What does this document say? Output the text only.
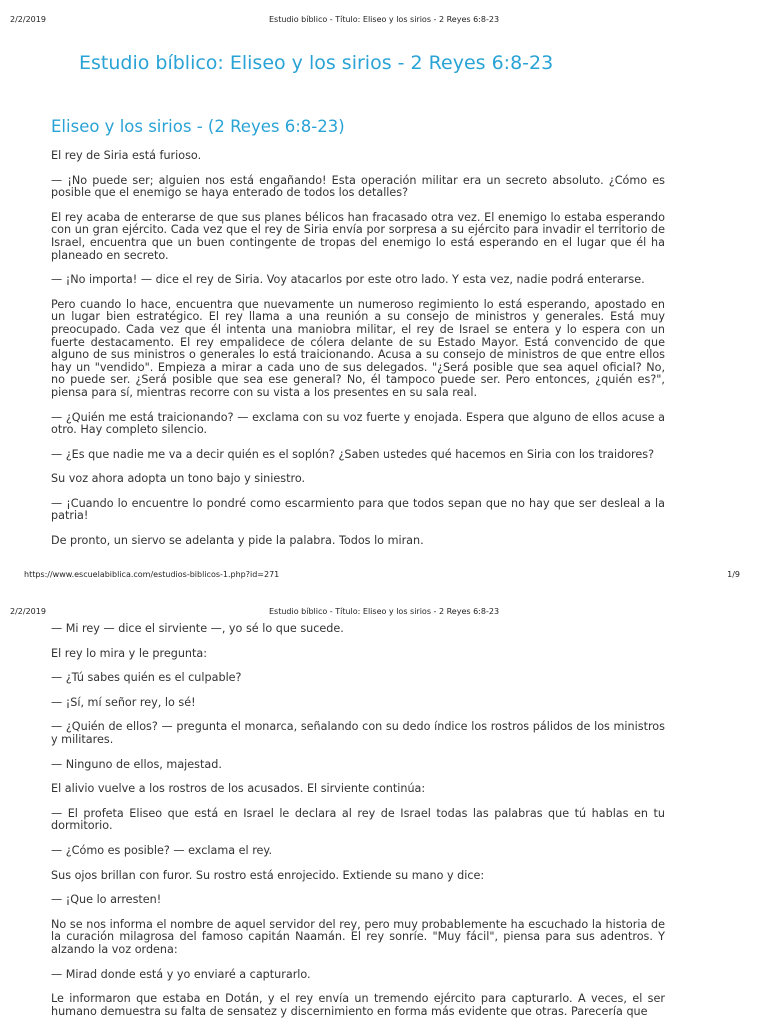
2/2/2019	Estudio bíblico - Título: Eliseo y los sirios - 2 Reyes 6:8-23
Estudio bíblico: Eliseo y los sirios - 2 Reyes 6:8-23
Eliseo y los sirios - (2 Reyes 6:8-23)

El rey de Siria está furioso.

— ¡No puede ser; alguien nos está engañando! Esta operación militar era un secreto absoluto. ¿Cómo es posible que el enemigo se haya enterado de todos los detalles?

El rey acaba de enterarse de que sus planes bélicos han fracasado otra vez. El enemigo lo estaba esperando con un gran ejército. Cada vez que el rey de Siria envía por sorpresa a su ejército para invadir el territorio de Israel, encuentra que un buen contingente de tropas del enemigo lo está esperando en el lugar que él ha planeado en secreto.

— ¡No importa! — dice el rey de Siria. Voy atacarlos por este otro lado. Y esta vez, nadie podrá enterarse.

Pero cuando lo hace, encuentra que nuevamente un numeroso regimiento lo está esperando, apostado en un lugar bien estratégico. El rey llama a una reunión a su consejo de ministros y generales. Está muy preocupado. Cada vez que él intenta una maniobra militar, el rey de Israel se entera y lo espera con un fuerte destacamento. El rey empalidece de cólera delante de su Estado Mayor. Está convencido de que alguno de sus ministros o generales lo está traicionando. Acusa a su consejo de ministros de que entre ellos hay un "vendido". Empieza a mirar a cada uno de sus delegados. "¿Será posible que sea aquel oficial? No, no puede ser. ¿Será posible que sea ese general? No, él tampoco puede ser. Pero entonces, ¿quién es?", piensa para sí, mientras recorre con su vista a los presentes en su sala real.

— ¿Quién me está traicionando? — exclama con su voz fuerte y enojada. Espera que alguno de ellos acuse a otro. Hay completo silencio.

— ¿Es que nadie me va a decir quién es el soplón? ¿Saben ustedes qué hacemos en Siria con los traidores?

Su voz ahora adopta un tono bajo y siniestro.

— ¡Cuando lo encuentre lo pondré como escarmiento para que todos sepan que no hay que ser desleal a la patria!

De pronto, un siervo se adelanta y pide la palabra. Todos lo miran.

https://www.escuelabiblica.com/estudios-biblicos-1.php?id=271	1/9
2/2/2019	Estudio bíblico - Título: Eliseo y los sirios - 2 Reyes 6:8-23

— Mi rey — dice el sirviente —, yo sé lo que sucede.

El rey lo mira y le pregunta:

— ¿Tú sabes quién es el culpable?

— ¡Sí, mí señor rey, lo sé!

— ¿Quién de ellos? — pregunta el monarca, señalando con su dedo índice los rostros pálidos de los ministros y militares.

— Ninguno de ellos, majestad.

El alivio vuelve a los rostros de los acusados. El sirviente continúa:

— El profeta Eliseo que está en Israel le declara al rey de Israel todas las palabras que tú hablas en tu dormitorio.

— ¿Cómo es posible? — exclama el rey.

Sus ojos brillan con furor. Su rostro está enrojecido. Extiende su mano y dice:

— ¡Que lo arresten!

No se nos informa el nombre de aquel servidor del rey, pero muy probablemente ha escuchado la historia de la curación milagrosa del famoso capitán Naamán. El rey sonríe. "Muy fácil", piensa para sus adentros. Y alzando la voz ordena:

— Mirad donde está y yo enviaré a capturarlo.

Le informaron que estaba en Dotán, y el rey envía un tremendo ejército para capturarlo. A veces, el ser humano demuestra su falta de sensatez y discernimiento en forma más evidente que otras. Parecería que
